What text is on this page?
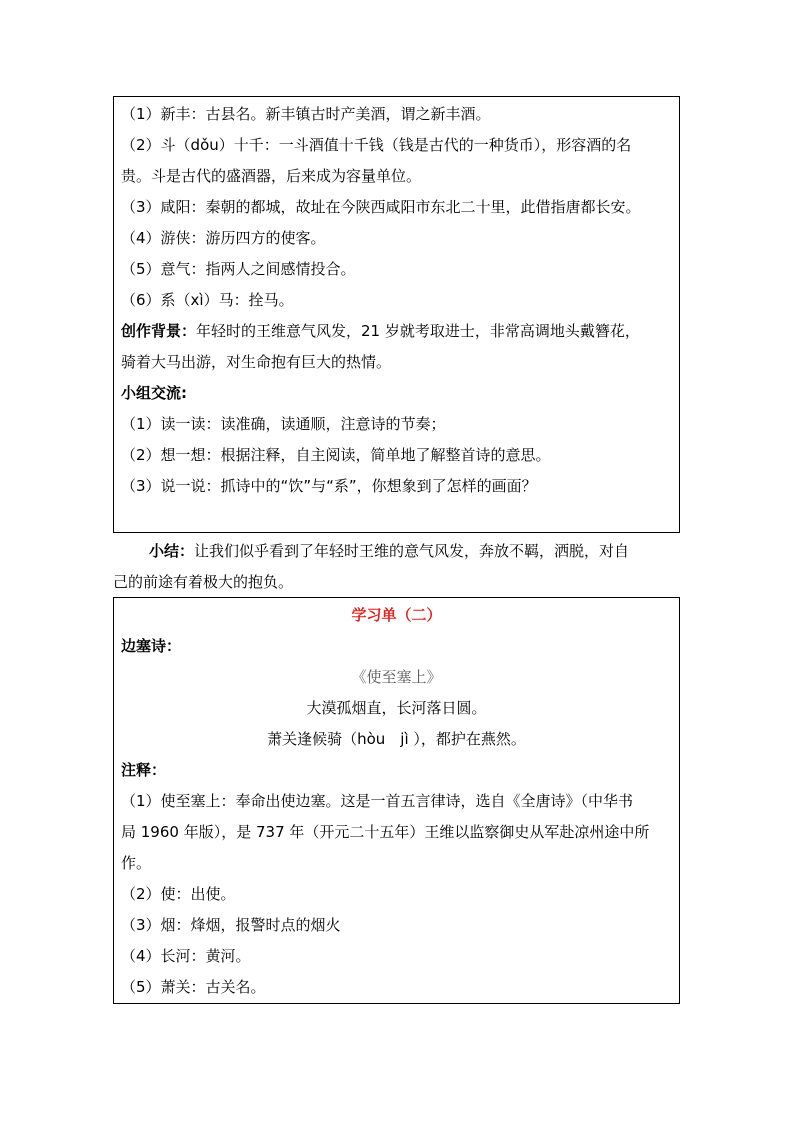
（1）新丰：古县名。新丰镇古时产美酒，谓之新丰酒。
（2）斗（dǒu）十千：一斗酒值十千钱（钱是古代的一种货币），形容酒的名
贵。斗是古代的盛酒器，后来成为容量单位。
（3）咸阳：秦朝的都城，故址在今陕西咸阳市东北二十里，此借指唐都长安。
（4）游侠：游历四方的使客。
（5）意气：指两人之间感情投合。
（6）系（xì）马：拴马。
创作背景：年轻时的王维意气风发，21 岁就考取进士，非常高调地头戴簪花，
骑着大马出游，对生命抱有巨大的热情。
小组交流:
（1）读一读：读准确，读通顺，注意诗的节奏；
（2）想一想：根据注释，自主阅读，简单地了解整首诗的意思。
（3）说一说：抓诗中的“饮”与“系”，你想象到了怎样的画面？
小结：让我们似乎看到了年轻时王维的意气风发，奔放不羁，洒脱，对自
己的前途有着极大的抱负。
学习单（二）
边塞诗：
《使至塞上》
大漠孤烟直，长河落日圆。
萧关逢候骑（hòu　jì ），都护在燕然。
注释：
（1）使至塞上：奉命出使边塞。这是一首五言律诗，选自《全唐诗》（中华书
局 1960 年版），是 737 年（开元二十五年）王维以监察御史从军赴凉州途中所
作。
（2）使：出使。
（3）烟：烽烟，报警时点的烟火
（4）长河：黄河。
（5）萧关：古关名。
